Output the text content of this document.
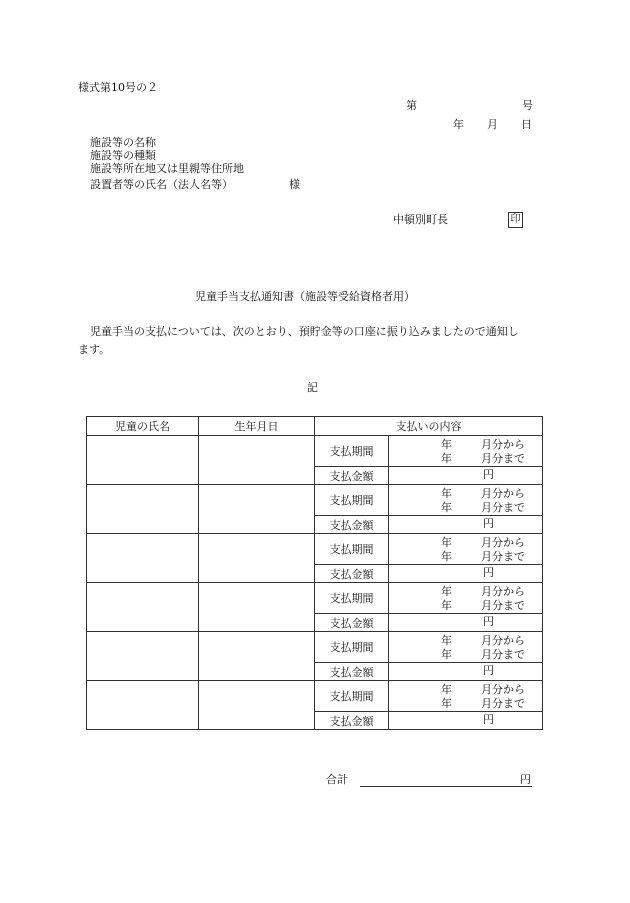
様式第10号の２
第	号
年 月 日
施設等の名称
施設等の種類
施設等所在地又は里親等住所地
設置者等の氏名（法人名等）	様
中頓別町長	印
児童手当支払通知書（施設等受給資格者用）
児童手当の支払については、次のとおり、預貯金等の口座に振り込みましたので通知し
ます。
記
児童の氏名	生年月日	支払いの内容	
		支払期間	年 月分から
年 月分まで

		支払金額	円

		支払期間	年 月分から
年 月分まで

		支払金額	円

		支払期間	年 月分から
年 月分まで

		支払金額	円

		支払期間	年 月分から
年 月分まで

		支払金額	円

		支払期間	年 月分から
年 月分まで

		支払金額	円

		支払期間	年 月分から
年 月分まで

		支払金額	円
合計	円
